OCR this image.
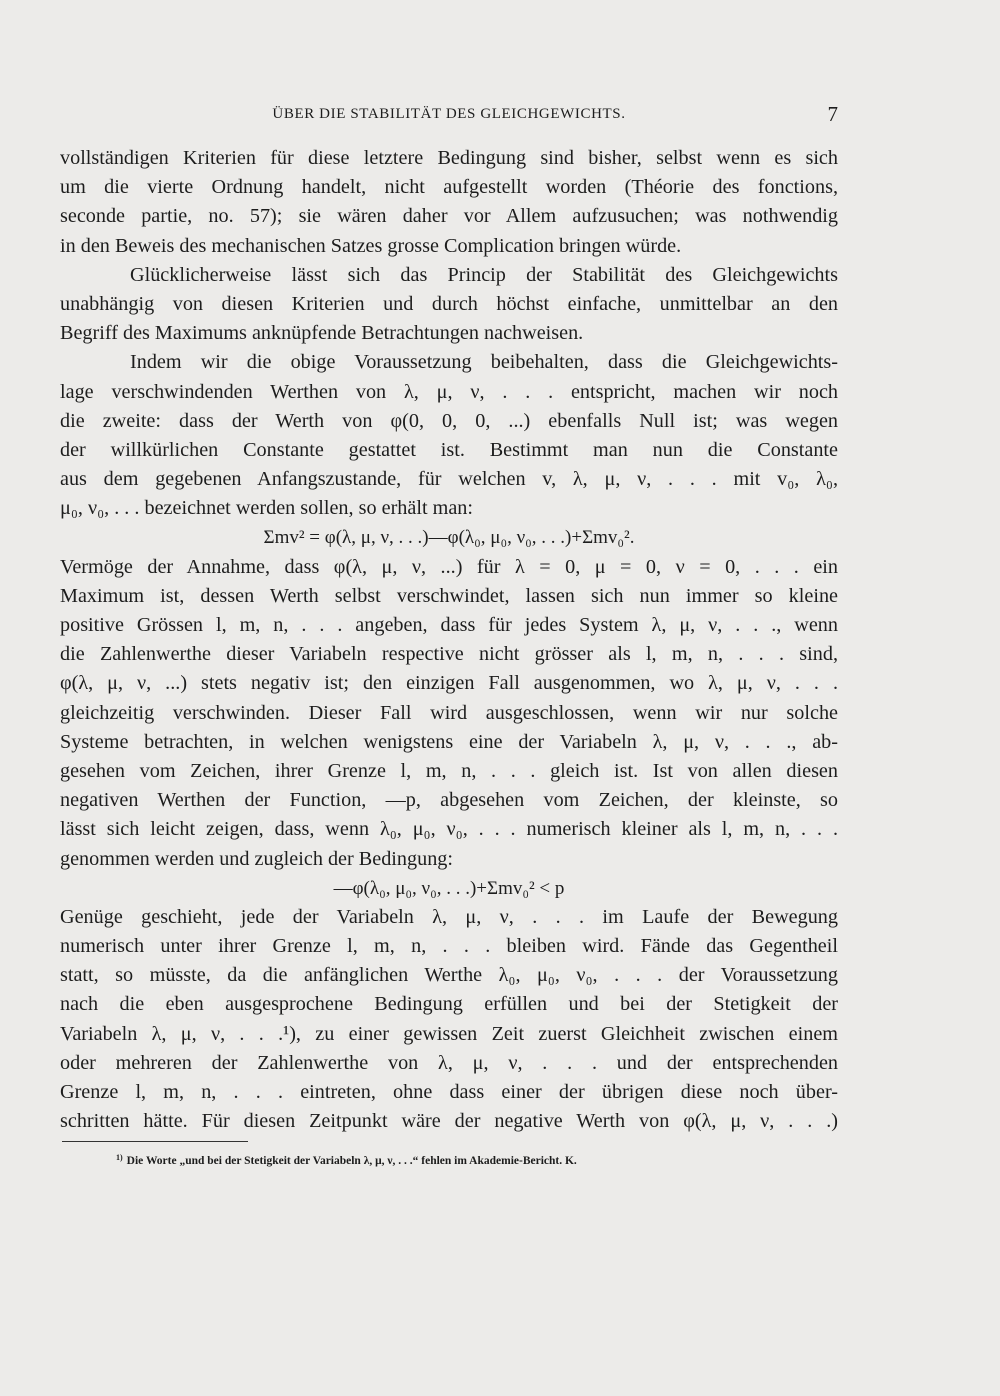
ÜBER DIE STABILITÄT DES GLEICHGEWICHTS.	7
vollständigen Kriterien für diese letztere Bedingung sind bisher, selbst wenn es sich
um die vierte Ordnung handelt, nicht aufgestellt worden (Théorie des fonctions,
seconde partie, no. 57); sie wären daher vor Allem aufzusuchen; was nothwendig
in den Beweis des mechanischen Satzes grosse Complication bringen würde.
Glücklicherweise lässt sich das Princip der Stabilität des Gleichgewichts
unabhängig von diesen Kriterien und durch höchst einfache, unmittelbar an den
Begriff des Maximums anknüpfende Betrachtungen nachweisen.
Indem wir die obige Voraussetzung beibehalten, dass die Gleichgewichts-
lage verschwindenden Werthen von λ, μ, ν, . . . entspricht, machen wir noch
die zweite: dass der Werth von φ(0, 0, 0, ...) ebenfalls Null ist; was wegen
der willkürlichen Constante gestattet ist. Bestimmt man nun die Constante
aus dem gegebenen Anfangszustande, für welchen v, λ, μ, ν, . . . mit v₀, λ₀,
μ₀, ν₀, . . . bezeichnet werden sollen, so erhält man:
Σmv² = φ(λ, μ, ν, . . .)—φ(λ₀, μ₀, ν₀, . . .)+Σmv₀².
Vermöge der Annahme, dass φ(λ, μ, ν, ...) für λ = 0, μ = 0, ν = 0, . . . ein
Maximum ist, dessen Werth selbst verschwindet, lassen sich nun immer so kleine
positive Grössen l, m, n, . . . angeben, dass für jedes System λ, μ, ν, . . ., wenn
die Zahlenwerthe dieser Variabeln respective nicht grösser als l, m, n, . . . sind,
φ(λ, μ, ν, ...) stets negativ ist; den einzigen Fall ausgenommen, wo λ, μ, ν, . . .
gleichzeitig verschwinden. Dieser Fall wird ausgeschlossen, wenn wir nur solche
Systeme betrachten, in welchen wenigstens eine der Variabeln λ, μ, ν, . . ., ab-
gesehen vom Zeichen, ihrer Grenze l, m, n, . . . gleich ist. Ist von allen diesen
negativen Werthen der Function, —p, abgesehen vom Zeichen, der kleinste, so
lässt sich leicht zeigen, dass, wenn λ₀, μ₀, ν₀, . . . numerisch kleiner als l, m, n, . . .
genommen werden und zugleich der Bedingung:
—φ(λ₀, μ₀, ν₀, . . .)+Σmv₀² < p
Genüge geschieht, jede der Variabeln λ, μ, ν, . . . im Laufe der Bewegung
numerisch unter ihrer Grenze l, m, n, . . . bleiben wird. Fände das Gegentheil
statt, so müsste, da die anfänglichen Werthe λ₀, μ₀, ν₀, . . . der Voraussetzung
nach die eben ausgesprochene Bedingung erfüllen und bei der Stetigkeit der
Variabeln λ, μ, ν, . . .¹), zu einer gewissen Zeit zuerst Gleichheit zwischen einem
oder mehreren der Zahlenwerthe von λ, μ, ν, . . . und der entsprechenden
Grenze l, m, n, . . . eintreten, ohne dass einer der übrigen diese noch über-
schritten hätte. Für diesen Zeitpunkt wäre der negative Werth von φ(λ, μ, ν, . . .)
$^{1)}$ Die Worte „und bei der Stetigkeit der Variabeln λ, μ, ν, . . .“ fehlen im Akademie-Bericht. K.
